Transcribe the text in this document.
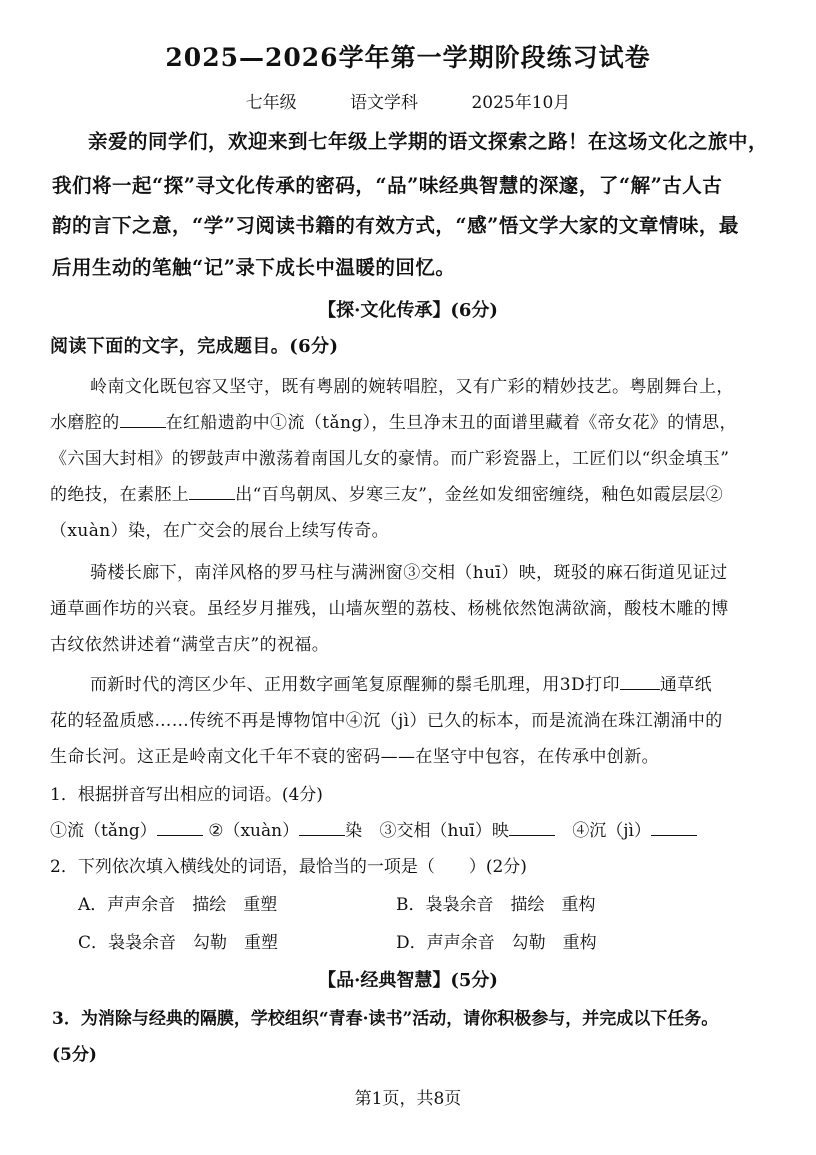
2025—2026学年第一学期阶段练习试卷
七年级	语文学科	2025年10月
亲爱的同学们，欢迎来到七年级上学期的语文探索之路！在这场文化之旅中，
我们将一起“探”寻文化传承的密码，“品”味经典智慧的深邃，了“解”古人古
韵的言下之意，“学”习阅读书籍的有效方式，“感”悟文学大家的文章情味，最
后用生动的笔触“记”录下成长中温暖的回忆。
【探·文化传承】(6分)
阅读下面的文字，完成题目。(6分)
岭南文化既包容又坚守，既有粤剧的婉转唱腔，又有广彩的精妙技艺。粤剧舞台上，
水磨腔的	在红船遗韵中①流（tǎng），生旦净末丑的面谱里藏着《帝女花》的情思，
《六国大封相》的锣鼓声中激荡着南国儿女的豪情。而广彩瓷器上，工匠们以“织金填玉”
的绝技，在素胚上	出“百鸟朝凤、岁寒三友”，金丝如发细密缠绕，釉色如霞层层②
（xuàn）染，在广交会的展台上续写传奇。
骑楼长廊下，南洋风格的罗马柱与满洲窗③交相（huī）映，斑驳的麻石街道见证过
通草画作坊的兴衰。虽经岁月摧残，山墙灰塑的荔枝、杨桃依然饱满欲滴，酸枝木雕的博
古纹依然讲述着“满堂吉庆”的祝福。
而新时代的湾区少年、正用数字画笔复原醒狮的鬃毛肌理，用3D打印 通草纸
花的轻盈质感……传统不再是博物馆中④沉（jì）已久的标本，而是流淌在珠江潮涌中的
生命长河。这正是岭南文化千年不衰的密码——在坚守中包容，在传承中创新。
1．根据拼音写出相应的词语。(4分)
①流（tǎng）	②（xuàn）	染 ③交相（huī）映	④沉（jì）
2．下列依次填入横线处的词语，最恰当的一项是（　　）(2分)
A．声声余音　描绘　重塑	B．袅袅余音　描绘　重构
C．袅袅余音　勾勒　重塑	D．声声余音　勾勒　重构
【品·经典智慧】(5分)
3．为消除与经典的隔膜，学校组织“青春·读书”活动，请你积极参与，并完成以下任务。
(5分)
第1页，共8页
